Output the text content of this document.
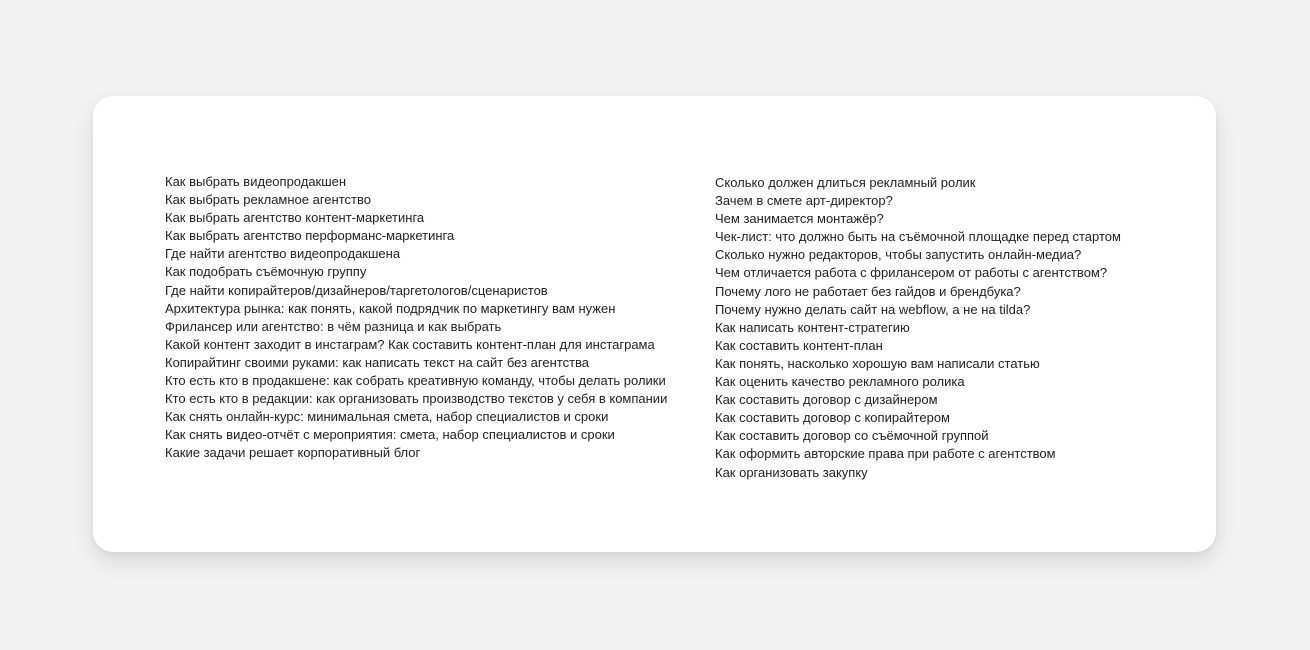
Как выбрать видеопродакшен
Как выбрать рекламное агентство
Как выбрать агентство контент-маркетинга
Как выбрать агентство перформанс-маркетинга
Где найти агентство видеопродакшена
Как подобрать съёмочную группу
Где найти копирайтеров/дизайнеров/таргетологов/сценаристов
Архитектура рынка: как понять, какой подрядчик по маркетингу вам нужен
Фрилансер или агентство: в чём разница и как выбрать
Какой контент заходит в инстаграм? Как составить контент-план для инстаграма
Копирайтинг своими руками: как написать текст на сайт без агентства
Кто есть кто в продакшене: как собрать креативную команду, чтобы делать ролики
Кто есть кто в редакции: как организовать производство текстов у себя в компании
Как снять онлайн-курс: минимальная смета, набор специалистов и сроки
Как снять видео-отчёт с мероприятия: смета, набор специалистов и сроки
Какие задачи решает корпоративный блог
Сколько должен длиться рекламный ролик
Зачем в смете арт-директор?
Чем занимается монтажёр?
Чек-лист: что должно быть на съёмочной площадке перед стартом
Сколько нужно редакторов, чтобы запустить онлайн-медиа?
Чем отличается работа с фрилансером от работы с агентством?
Почему лого не работает без гайдов и брендбука?
Почему нужно делать сайт на webflow, а не на tilda?
Как написать контент-стратегию
Как составить контент-план
Как понять, насколько хорошую вам написали статью
Как оценить качество рекламного ролика
Как составить договор с дизайнером
Как составить договор с копирайтером
Как составить договор со съёмочной группой
Как оформить авторские права при работе с агентством
Как организовать закупку
